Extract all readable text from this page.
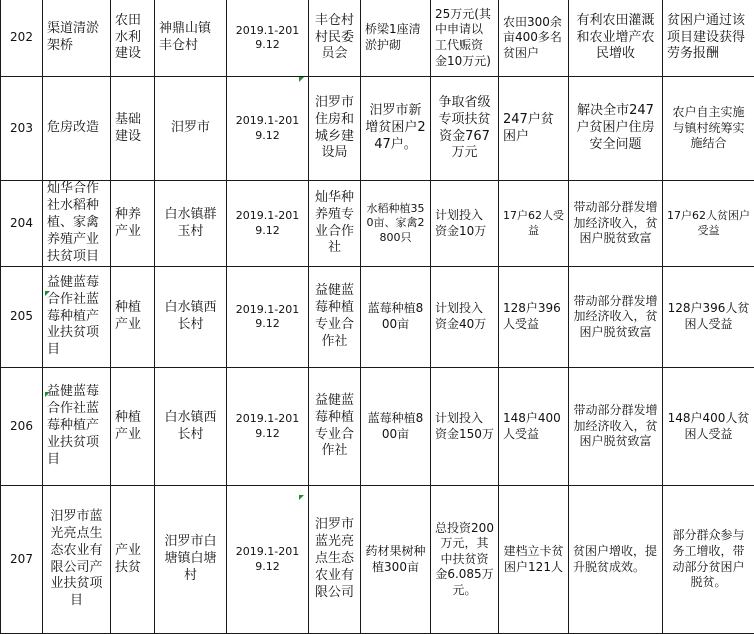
202	渠道清淤架桥	农田水利建设	神鼎山镇丰仓村	2019.1-2019.12	丰仓村村民委员会	桥梁1座清淤护砌	25万元(其中申请以工代赈资金10万元)	农田300余亩400多名贫困户	有利农田灌溉和农业增产农民增收	贫困户通过该项目建设获得劳务报酬
203	危房改造	基础建设	汨罗市	2019.1-2019.12	汨罗市住房和城乡建设局	汨罗市新增贫困户247户。	争取省级专项扶贫资金767万元	247户贫困户	解决全市247户贫困户住房安全问题	农户自主实施与镇村统筹实施结合
204	灿华合作社水稻种植、家禽养殖产业扶贫项目	种养产业	白水镇群玉村	2019.1-2019.12	灿华种养殖专业合作社	水稻种植350亩、家禽2800只	计划投入资金10万	17户62人受益	带动部分群发增加经济收入，贫困户脱贫致富	17户62人贫困户受益
205	益健蓝莓合作社蓝莓种植产业扶贫项目	种植产业	白水镇西长村	2019.1-2019.12	益健蓝莓种植专业合作社	蓝莓种植800亩	计划投入资金40万	128户396人受益	带动部分群发增加经济收入，贫困户脱贫致富	128户396人贫困人受益
206	益健蓝莓合作社蓝莓种植产业扶贫项目	种植产业	白水镇西长村	2019.1-2019.12	益健蓝莓种植专业合作社	蓝莓种植800亩	计划投入资金150万	148户400人受益	带动部分群发增加经济收入，贫困户脱贫致富	148户400人贫困人受益
207	汨罗市蓝光亮点生态农业有限公司产业扶贫项目	产业扶贫	汨罗市白塘镇白塘村	2019.1-2019.12	汨罗市蓝光亮点生态农业有限公司	药材果树种植300亩	总投资200万元，其中扶贫资金6.085万元。	建档立卡贫困户121人	贫困户增收，提升脱贫成效。	部分群众参与务工增收，带动部分贫困户脱贫。
